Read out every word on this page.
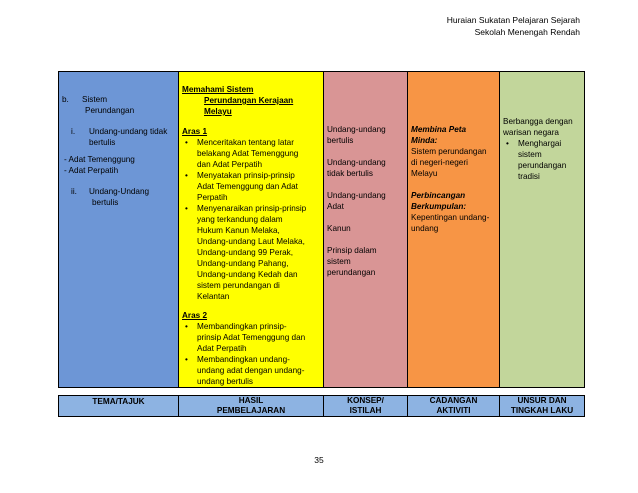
Huraian Sukatan Pelajaran Sejarah
Sekolah Menengah Rendah
b. Sistem
Perundangan
i. Undang-undang tidak
bertulis
- Adat Temenggung
- Adat Perpatih
ii. Undang-Undang
bertulis

Memahami Sistem
Perundangan Kerajaan
Melayu
Aras 1
• Menceritakan tentang latar
belakang Adat Temenggung
dan Adat Perpatih
• Menyatakan prinsip-prinsip
Adat Temenggung dan Adat
Perpatih
• Menyenaraikan prinsip-prinsip
yang terkandung dalam
Hukum Kanun Melaka,
Undang-undang Laut Melaka,
Undang-undang 99 Perak,
Undang-undang Pahang,
Undang-undang Kedah dan
sistem perundangan di
Kelantan
Aras 2
• Membandingkan prinsip-
prinsip Adat Temenggung dan
Adat Perpatih
• Membandingkan undang-
undang adat dengan undang-
undang bertulis

Undang-undang
bertulis
Undang-undang
tidak bertulis
Undang-undang
Adat
Kanun
Prinsip dalam
sistem
perundangan

Membina Peta
Minda:
Sistem perundangan
di negeri-negeri
Melayu
Perbincangan
Berkumpulan:
Kepentingan undang-
undang

Berbangga dengan
warisan negara
• Menghargai
sistem
perundangan
tradisi
TEMA/TAJUK	HASIL
PEMBELAJARAN

KONSEP/
ISTILAH

CADANGAN
AKTIVITI

UNSUR DAN
TINGKAH LAKU
35
